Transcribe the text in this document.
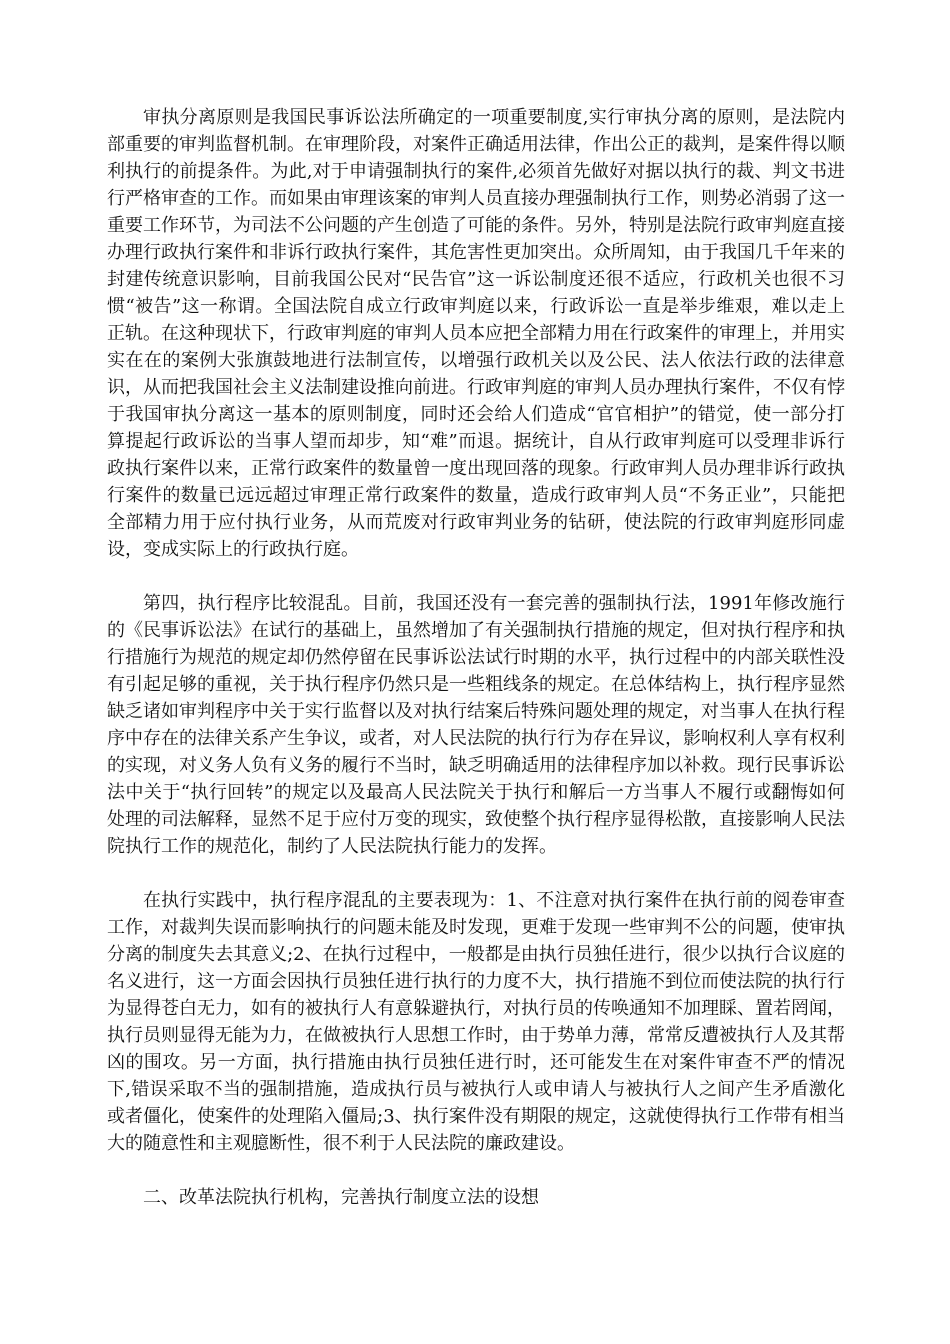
审执分离原则是我国民事诉讼法所确定的一项重要制度,实行审执分离的原则，是法院内部重要的审判监督机制。在审理阶段，对案件正确适用法律，作出公正的裁判，是案件得以顺利执行的前提条件。为此,对于申请强制执行的案件,必须首先做好对据以执行的裁、判文书进行严格审查的工作。而如果由审理该案的审判人员直接办理强制执行工作，则势必消弱了这一重要工作环节，为司法不公问题的产生创造了可能的条件。另外，特别是法院行政审判庭直接办理行政执行案件和非诉行政执行案件，其危害性更加突出。众所周知，由于我国几千年来的封建传统意识影响，目前我国公民对“民告官”这一诉讼制度还很不适应，行政机关也很不习惯“被告”这一称谓。全国法院自成立行政审判庭以来，行政诉讼一直是举步维艰，难以走上正轨。在这种现状下，行政审判庭的审判人员本应把全部精力用在行政案件的审理上，并用实实在在的案例大张旗鼓地进行法制宣传，以增强行政机关以及公民、法人依法行政的法律意识，从而把我国社会主义法制建设推向前进。行政审判庭的审判人员办理执行案件，不仅有悖于我国审执分离这一基本的原则制度，同时还会给人们造成“官官相护”的错觉，使一部分打算提起行政诉讼的当事人望而却步，知“难”而退。据统计，自从行政审判庭可以受理非诉行政执行案件以来，正常行政案件的数量曾一度出现回落的现象。行政审判人员办理非诉行政执行案件的数量已远远超过审理正常行政案件的数量，造成行政审判人员“不务正业”，只能把全部精力用于应付执行业务，从而荒废对行政审判业务的钻研，使法院的行政审判庭形同虚设，变成实际上的行政执行庭。

第四，执行程序比较混乱。目前，我国还没有一套完善的强制执行法，1991年修改施行的《民事诉讼法》在试行的基础上，虽然增加了有关强制执行措施的规定，但对执行程序和执行措施行为规范的规定却仍然停留在民事诉讼法试行时期的水平，执行过程中的内部关联性没有引起足够的重视，关于执行程序仍然只是一些粗线条的规定。在总体结构上，执行程序显然缺乏诸如审判程序中关于实行监督以及对执行结案后特殊问题处理的规定，对当事人在执行程序中存在的法律关系产生争议，或者，对人民法院的执行行为存在异议，影响权利人享有权利的实现，对义务人负有义务的履行不当时，缺乏明确适用的法律程序加以补救。现行民事诉讼法中关于“执行回转”的规定以及最高人民法院关于执行和解后一方当事人不履行或翻悔如何处理的司法解释，显然不足于应付万变的现实，致使整个执行程序显得松散，直接影响人民法院执行工作的规范化，制约了人民法院执行能力的发挥。

在执行实践中，执行程序混乱的主要表现为：1、不注意对执行案件在执行前的阅卷审查工作，对裁判失误而影响执行的问题未能及时发现，更难于发现一些审判不公的问题，使审执分离的制度失去其意义;2、在执行过程中，一般都是由执行员独任进行，很少以执行合议庭的名义进行，这一方面会因执行员独任进行执行的力度不大，执行措施不到位而使法院的执行行为显得苍白无力，如有的被执行人有意躲避执行，对执行员的传唤通知不加理睬、置若罔闻，执行员则显得无能为力，在做被执行人思想工作时，由于势单力薄，常常反遭被执行人及其帮凶的围攻。另一方面，执行措施由执行员独任进行时，还可能发生在对案件审查不严的情况下,错误采取不当的强制措施，造成执行员与被执行人或申请人与被执行人之间产生矛盾激化或者僵化，使案件的处理陷入僵局;3、执行案件没有期限的规定，这就使得执行工作带有相当大的随意性和主观臆断性，很不利于人民法院的廉政建设。

二、改革法院执行机构，完善执行制度立法的设想
